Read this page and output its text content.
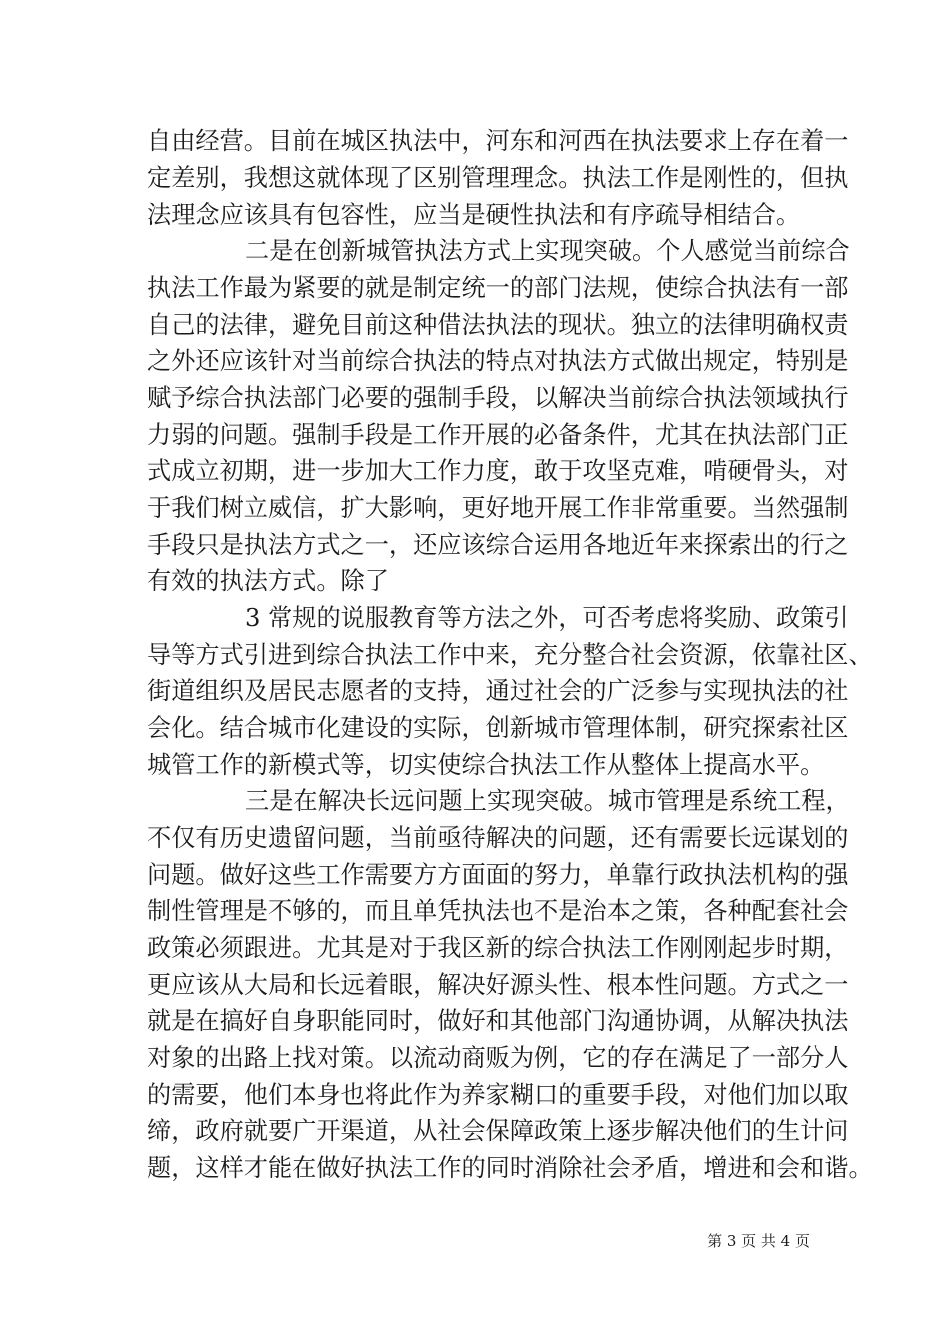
自由经营。目前在城区执法中，河东和河西在执法要求上存在着一
定差别，我想这就体现了区别管理理念。执法工作是刚性的，但执
法理念应该具有包容性，应当是硬性执法和有序疏导相结合。
二是在创新城管执法方式上实现突破。个人感觉当前综合
执法工作最为紧要的就是制定统一的部门法规，使综合执法有一部
自己的法律，避免目前这种借法执法的现状。独立的法律明确权责
之外还应该针对当前综合执法的特点对执法方式做出规定，特别是
赋予综合执法部门必要的强制手段，以解决当前综合执法领域执行
力弱的问题。强制手段是工作开展的必备条件，尤其在执法部门正
式成立初期，进一步加大工作力度，敢于攻坚克难，啃硬骨头，对
于我们树立威信，扩大影响，更好地开展工作非常重要。当然强制
手段只是执法方式之一，还应该综合运用各地近年来探索出的行之
有效的执法方式。除了
3 常规的说服教育等方法之外，可否考虑将奖励、政策引
导等方式引进到综合执法工作中来，充分整合社会资源，依靠社区、
街道组织及居民志愿者的支持，通过社会的广泛参与实现执法的社
会化。结合城市化建设的实际，创新城市管理体制，研究探索社区
城管工作的新模式等，切实使综合执法工作从整体上提高水平。
三是在解决长远问题上实现突破。城市管理是系统工程，
不仅有历史遗留问题，当前亟待解决的问题，还有需要长远谋划的
问题。做好这些工作需要方方面面的努力，单靠行政执法机构的强
制性管理是不够的，而且单凭执法也不是治本之策，各种配套社会
政策必须跟进。尤其是对于我区新的综合执法工作刚刚起步时期，
更应该从大局和长远着眼，解决好源头性、根本性问题。方式之一
就是在搞好自身职能同时，做好和其他部门沟通协调，从解决执法
对象的出路上找对策。以流动商贩为例，它的存在满足了一部分人
的需要，他们本身也将此作为养家糊口的重要手段，对他们加以取
缔，政府就要广开渠道，从社会保障政策上逐步解决他们的生计问
题，这样才能在做好执法工作的同时消除社会矛盾，增进和会和谐。
第 3 页 共 4 页
